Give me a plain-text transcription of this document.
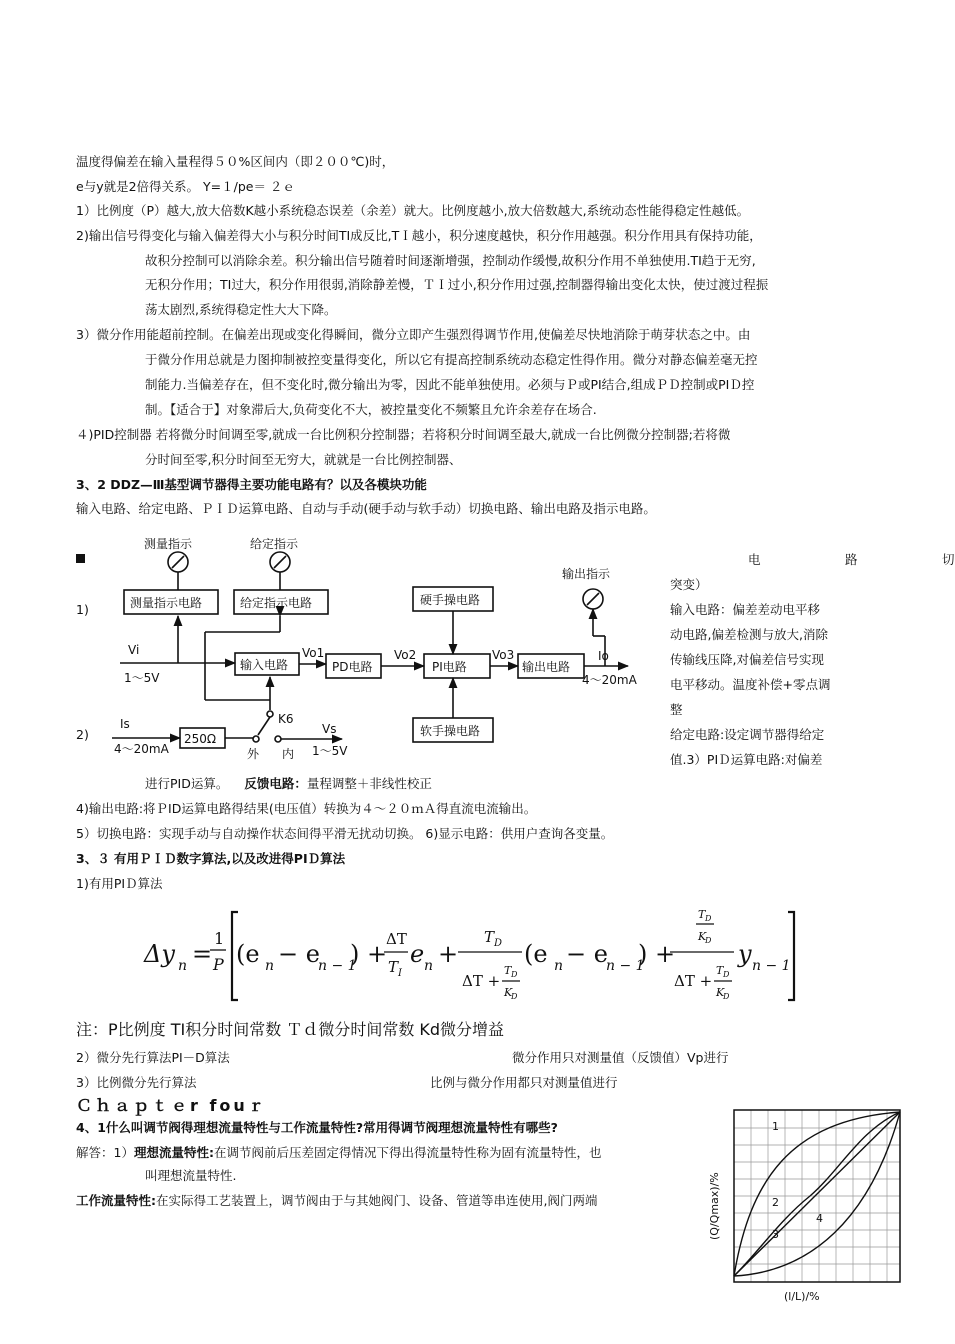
温度得偏差在输入量程得５０%区间内（即２００℃)时，
e与y就是2倍得关系。 Y=１/pe＝ ２ｅ
1）比例度（P）越大,放大倍数K越小系统稳态误差（余差）就大。比例度越小,放大倍数越大,系统动态性能得稳定性越低。
2)输出信号得变化与输入偏差得大小与积分时间TI成反比,TＩ越小，积分速度越快，积分作用越强。积分作用具有保持功能，
故积分控制可以消除余差。积分输出信号随着时间逐渐增强，控制动作缓慢,故积分作用不单独使用.TI趋于无穷,
无积分作用；TI过大，积分作用很弱,消除静差慢，ＴＩ过小,积分作用过强,控制器得输出变化太快，使过渡过程振
荡太剧烈,系统得稳定性大大下降。
3）微分作用能超前控制。在偏差出现或变化得瞬间，微分立即产生强烈得调节作用,使偏差尽快地消除于萌芽状态之中。由
于微分作用总就是力图抑制被控变量得变化，所以它有提高控制系统动态稳定性得作用。微分对静态偏差毫无控
制能力.当偏差存在，但不变化时,微分输出为零，因此不能单独使用。必须与Ｐ或PI结合,组成ＰＤ控制或PIＤ控
制。【适合于】对象滞后大,负荷变化不大，被控量变化不频繁且允许余差存在场合.
４)PID控制器 若将微分时间调至零,就成一台比例积分控制器；若将积分时间调至最大,就成一台比例微分控制器;若将微
分时间至零,积分时间至无穷大，就就是一台比例控制器、
3、2 DDZ—Ⅲ基型调节器得主要功能电路有？以及各模块功能
输入电路、给定电路、ＰＩＤ运算电路、自动与手动(硬手动与软手动）切换电路、输出电路及指示电路。
1)
2)
电	路	切
突变）
输入电路：偏差差动电平移
动电路,偏差检测与放大,消除
传输线压降,对偏差信号实现
电平移动。温度补偿+零点调
整
给定电路:设定调节器得给定
值.3）PIＤ运算电路:对偏差
测量指示	给定指示
输出指示
测量指示电路	给定指示电路	硬手操电路
输入电路	PD电路	PI电路	输出电路
软手操电路
250Ω
Vi
1～5V
Vo1	Vo2	Vo3	Io
4～20mA
Is
4～20mA
K6
外 内
Vs
1～5V
进行PID运算。 反馈电路：量程调整＋非线性校正
4)输出电路:将ＰID运算电路得结果(电压值）转换为４～２０ｍＡ得直流电流输出。
5）切换电路：实现手动与自动操作状态间得平滑无扰动切换。 6)显示电路：供用户查询各变量。
3、３ 有用ＰＩＤ数字算法,以及改进得PIＤ算法
1)有用PIＤ算法
Δy n =
1
P (e n − e
n − 1
) +
ΔT
T I
e n +
T D
ΔT +
T D
K
D
(e n − e
n − 1
) +
T D
K
D
ΔT +
T D
K
D
y n − 1
注：P比例度 TI积分时间常数 Ｔｄ微分时间常数 Kd微分增益
2）微分先行算法PI－D算法	微分作用只对测量值（反馈值）Vp进行
3）比例微分先行算法	比例与微分作用都只对测量值进行
Ｃｈａｐｔｅr fouｒ
4、1什么叫调节阀得理想流量特性与工作流量特性?常用得调节阀理想流量特性有哪些?
解答：1）理想流量特性:在调节阀前后压差固定得情况下得出得流量特性称为固有流量特性，也
叫理想流量特性.
工作流量特性:在实际得工艺装置上，调节阀由于与其她阀门、设备、管道等串连使用,阀门两端
1
2
3
4
(l/L)/%
(Q/Qmax)/%
